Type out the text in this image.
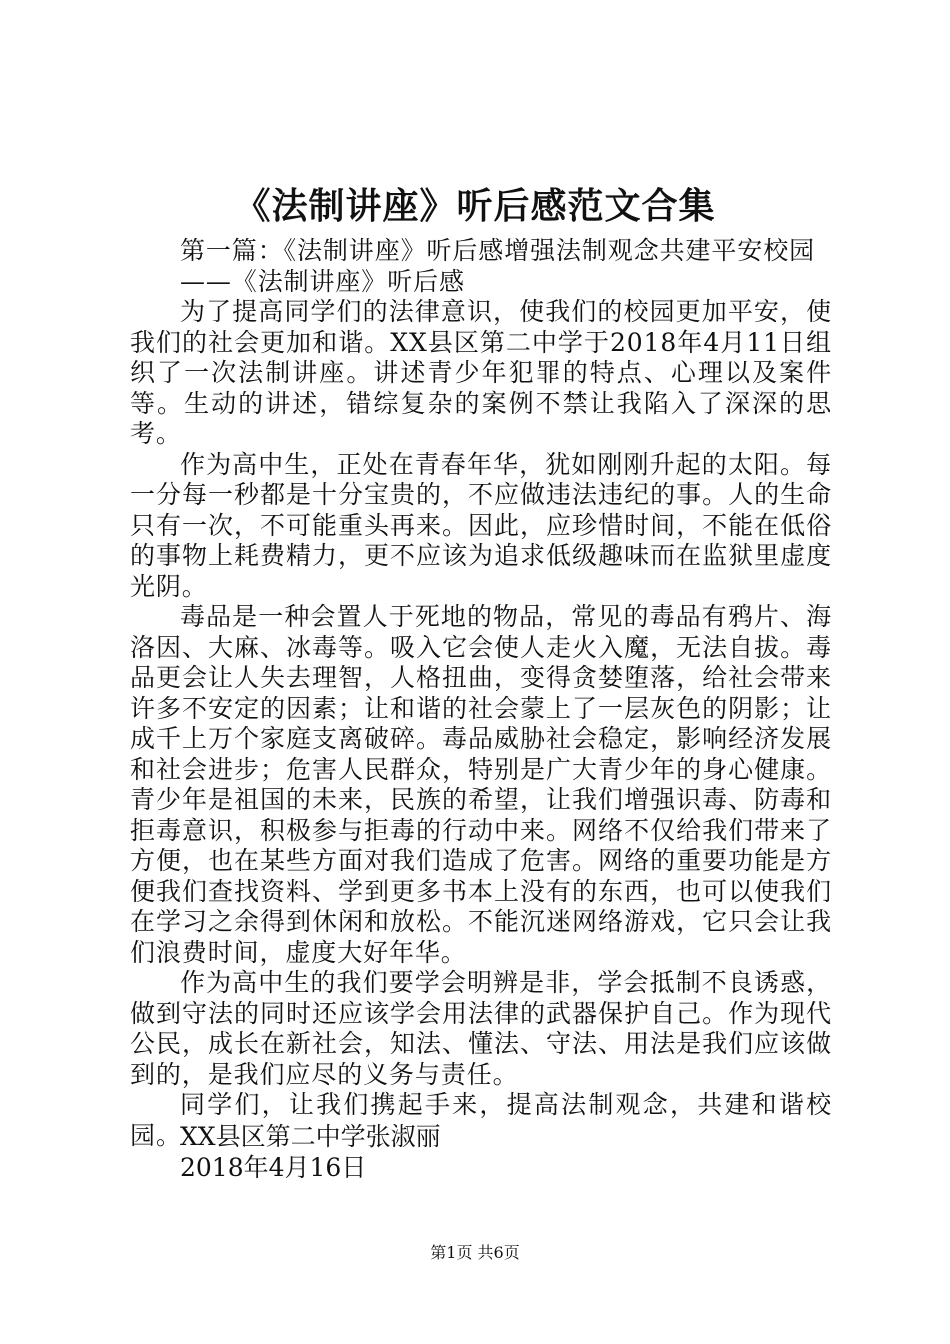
《法制讲座》听后感范文合集

第一篇：《法制讲座》听后感增强法制观念共建平安校园

——《法制讲座》听后感

为了提高同学们的法律意识，使我们的校园更加平安，使我们的社会更加和谐。XX县区第二中学于2018年4月11日组织了一次法制讲座。讲述青少年犯罪的特点、心理以及案件等。生动的讲述，错综复杂的案例不禁让我陷入了深深的思考。

作为高中生，正处在青春年华，犹如刚刚升起的太阳。每一分每一秒都是十分宝贵的，不应做违法违纪的事。人的生命只有一次，不可能重头再来。因此，应珍惜时间，不能在低俗的事物上耗费精力，更不应该为追求低级趣味而在监狱里虚度光阴。

毒品是一种会置人于死地的物品，常见的毒品有鸦片、海洛因、大麻、冰毒等。吸入它会使人走火入魔，无法自拔。毒品更会让人失去理智，人格扭曲，变得贪婪堕落，给社会带来许多不安定的因素；让和谐的社会蒙上了一层灰色的阴影；让成千上万个家庭支离破碎。毒品威胁社会稳定，影响经济发展和社会进步；危害人民群众，特别是广大青少年的身心健康。青少年是祖国的未来，民族的希望，让我们增强识毒、防毒和拒毒意识，积极参与拒毒的行动中来。网络不仅给我们带来了方便，也在某些方面对我们造成了危害。网络的重要功能是方便我们查找资料、学到更多书本上没有的东西，也可以使我们在学习之余得到休闲和放松。不能沉迷网络游戏，它只会让我们浪费时间，虚度大好年华。

作为高中生的我们要学会明辨是非，学会抵制不良诱惑，做到守法的同时还应该学会用法律的武器保护自己。作为现代公民，成长在新社会，知法、懂法、守法、用法是我们应该做到的，是我们应尽的义务与责任。

同学们，让我们携起手来，提高法制观念，共建和谐校园。

XX县区第二中学张淑丽
2018年4月16日
第1页 共6页
